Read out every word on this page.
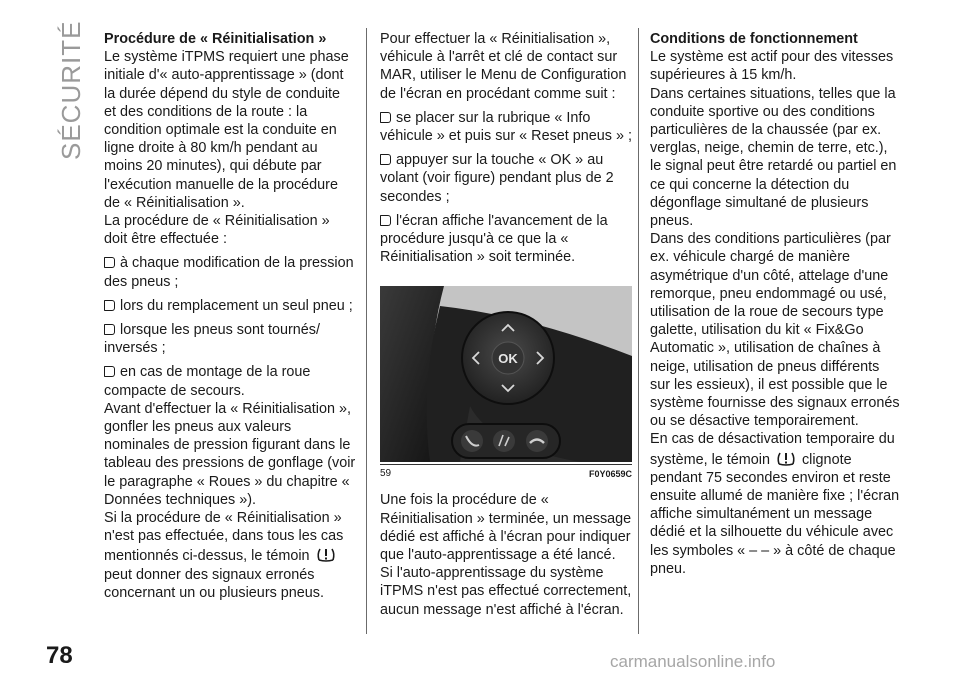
SÉCURITÉ Procédure de « Réinitialisation »

Le système iTPMS requiert une phase initiale d'« auto-apprentissage » (dont la durée dépend du style de conduite et des conditions de la route : la condition optimale est la conduite en ligne droite à 80 km/h pendant au moins 20 minutes), qui débute par l'exécution manuelle de la procédure de « Réinitialisation ».

La procédure de « Réinitialisation » doit être effectuée :

à chaque modification de la pression des pneus ;

lors du remplacement un seul pneu ;

lorsque les pneus sont tournés/ inversés ;

en cas de montage de la roue compacte de secours.

Avant d'effectuer la « Réinitialisation », gonfler les pneus aux valeurs nominales de pression figurant dans le tableau des pressions de gonflage (voir le paragraphe « Roues » du chapitre « Données techniques »).

Si la procédure de « Réinitialisation » n'est pas effectuée, dans tous les cas mentionnés ci-dessus, le témoin  peut donner des signaux erronés concernant un ou plusieurs pneus.

Pour effectuer la « Réinitialisation », véhicule à l'arrêt et clé de contact sur MAR, utiliser le Menu de Configuration de l'écran en procédant comme suit :

se placer sur la rubrique « Info véhicule » et puis sur « Reset pneus » ;

appuyer sur la touche « OK » au volant (voir figure) pendant plus de 2 secondes ;

l'écran affiche l'avancement de la procédure jusqu'à ce que la « Réinitialisation » soit terminée.

OK
59	F0Y0659C

Une fois la procédure de « Réinitialisation » terminée, un message dédié est affiché à l'écran pour indiquer que l'auto-apprentissage a été lancé. Si l'auto-apprentissage du système iTPMS n'est pas effectué correctement, aucun message n'est affiché à l'écran.

Conditions de fonctionnement

Le système est actif pour des vitesses supérieures à 15 km/h.

Dans certaines situations, telles que la conduite sportive ou des conditions particulières de la chaussée (par ex. verglas, neige, chemin de terre, etc.), le signal peut être retardé ou partiel en ce qui concerne la détection du dégonflage simultané de plusieurs pneus.

Dans des conditions particulières (par ex. véhicule chargé de manière asymétrique d'un côté, attelage d'une remorque, pneu endommagé ou usé, utilisation de la roue de secours type galette, utilisation du kit « Fix&Go Automatic », utilisation de chaînes à neige, utilisation de pneus différents sur les essieux), il est possible que le système fournisse des signaux erronés ou se désactive temporairement.

En cas de désactivation temporaire du système, le témoin clignote pendant 75 secondes environ et reste ensuite allumé de manière fixe ; l'écran affiche simultanément un message dédié et la silhouette du véhicule avec les symboles « – – » à côté de chaque pneu.

78	carmanualsonline.info
